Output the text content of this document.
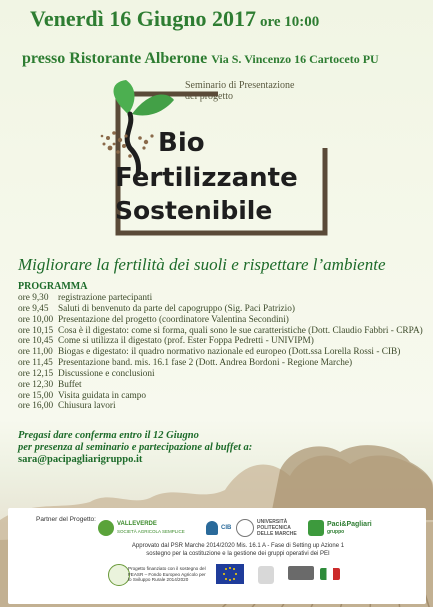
Venerdì 16 Giugno 2017 ore 10:00
presso Ristorante Alberone Via S. Vincenzo 16 Cartoceto PU
Seminario di Presentazione
del progetto
Bio
Fertilizzante
Sostenibile
Migliorare la fertilità dei suoli e rispettare l’ambiente
PROGRAMMA
ore 9,30	registrazione partecipanti
ore 9,45	Saluti di benvenuto da parte del capogruppo (Sig. Paci Patrizio)
ore 10,00 Presentazione del progetto (coordinatore Valentina Secondini)
ore 10,15 Cosa è il digestato: come si forma, quali sono le sue caratteristiche (Dott. Claudio Fabbri - CRPA)
ore 10,45 Come si utilizza il digestato (prof. Ester Foppa Pedretti - UNIVIPM)
ore 11,00 Biogas e digestato: il quadro normativo nazionale ed europeo (Dott.ssa Lorella Rossi - CIB)
ore 11,45 Presentazione band. mis. 16.1 fase 2 (Dott. Andrea Bordoni - Regione Marche)
ore 12,15 Discussione e conclusioni
ore 12,30 Buffet
ore 15,00 Visita guidata in campo
ore 16,00 Chiusura lavori
Pregasi dare conferma entro il 12 Giugno
per presenza al seminario e partecipazione al buffet a:
sara@pacipagliarigruppo.it
Partner del Progetto:
VALLEVERDE
SOCIETÀ AGRICOLA SEMPLICE
CIB
UNIVERSITÀ POLITECNICA DELLE MARCHE
Paci&Pagliari
gruppo
Approvato dal PSR Marche 2014/2020 Mis. 16.1 A - Fase di Setting up Azione 1
sostegno per la costituzione e la gestione dei gruppi operativi dei PEI
Progetto finanziato con il sostegno del FEASR – Fondo Europeo Agricolo per lo Sviluppo Rurale 2014/2020
